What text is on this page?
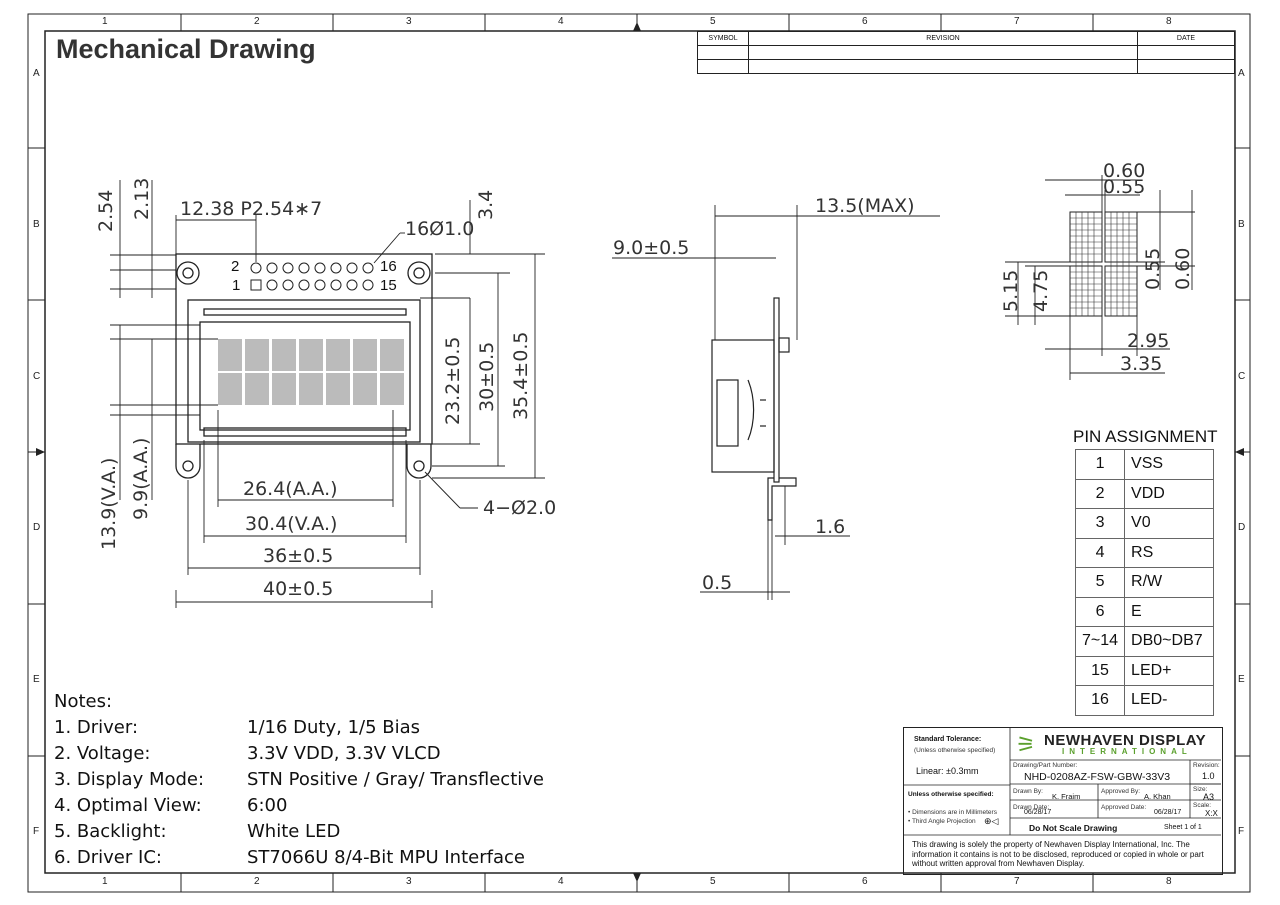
1	2	3	4	5	6	7	8
1	2	3	4	5	6	7	8
A
B
C
D
E
F
A
B
C
D
E
F
Mechanical Drawing	SYMBOL	REVISION	DATE

2.54 2.13 12.38 P2.54∗7
16Ø1.0
3.4
26.4(A.A.)
30.4(V.A.)
36±0.5
40±0.5
13.9(V.A.) 9.9(A.A.)
23.2±0.5 30±0.5 35.4±0.5
4−Ø2.0
2
1
16
15
13.5(MAX)
9.0±0.5
1.6
0.5
0.60
0.55
0.55 0.60
5.15 4.75
2.95
3.35
PIN ASSIGNMENT
1	VSS
2	VDD
3	V0
4	RS
5	R/W
6	E
7~14	DB0~DB7
15	LED+
16	LED-
Notes:
1. Driver:	1/16 Duty, 1/5 Bias
2. Voltage:	3.3V VDD, 3.3V VLCD
3. Display Mode:	STN Positive / Gray/ Transflective
4. Optimal View:	6:00
5. Backlight:	White LED
6. Driver IC:	ST7066U 8/4-Bit MPU Interface
Standard Tolerance:
(Unless otherwise specified)
Linear: ±0.3mm
Unless otherwise specified:
• Dimensions are in Millimeters
• Third Angle Projection ⊕◁
⚞ NEWHAVEN DISPLAY
INTERNATIONAL
Drawing/Part Number:
NHD-0208AZ-FSW-GBW-33V3
Revision:
1.0
Size:
A3
Drawn By:
K. Fraim
Approved By:
A. Khan
Drawn Date:
06/28/17
Approved Date:
06/28/17
Scale:
X:X
Do Not Scale Drawing	Sheet 1 of 1
This drawing is solely the property of Newhaven Display International, Inc. The information it contains is not to be disclosed, reproduced or copied in whole or part without written approval from Newhaven Display.
